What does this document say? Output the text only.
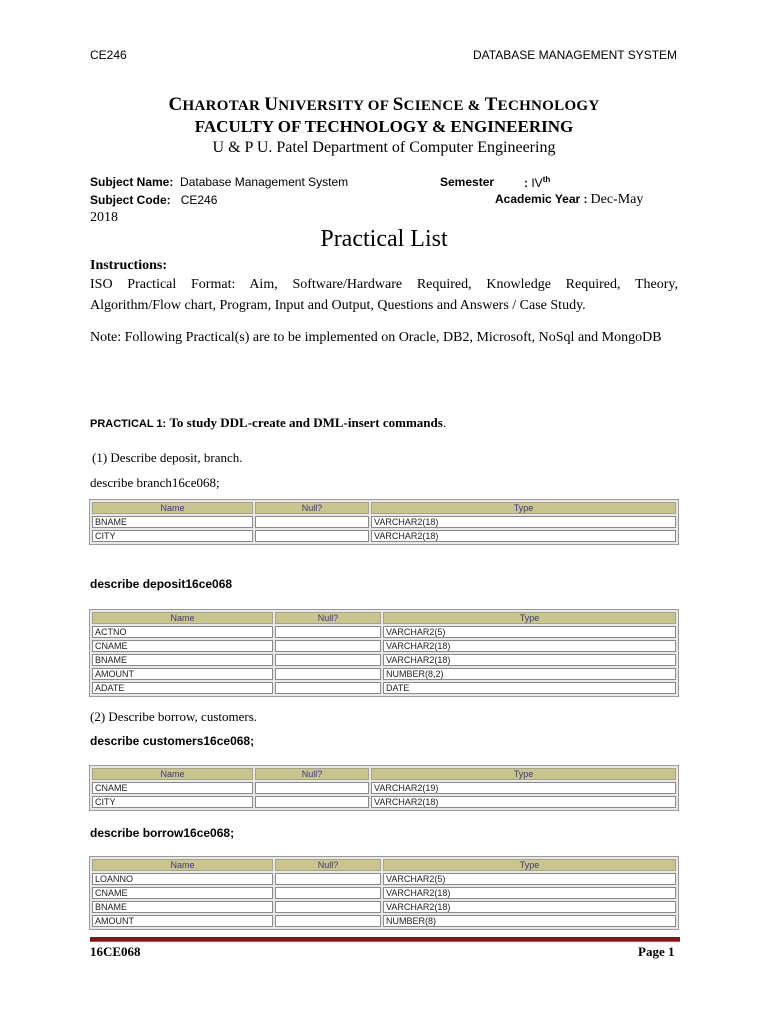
CE246	DATABASE MANAGEMENT SYSTEM
CHAROTAR UNIVERSITY OF SCIENCE & TECHNOLOGY
FACULTY OF TECHNOLOGY & ENGINEERING
U & P U. Patel Department of Computer Engineering
Subject Name: Database Management System	Semester : IVth
Subject Code: CE246	Academic Year : Dec-May
2018
Practical List
Instructions:
ISO Practical Format: Aim, Software/Hardware Required, Knowledge Required, Theory, Algorithm/Flow chart, Program, Input and Output, Questions and Answers / Case Study.
Note: Following Practical(s) are to be implemented on Oracle, DB2, Microsoft, NoSql and MongoDB
PRACTICAL 1: To study DDL-create and DML-insert commands.
(1) Describe deposit, branch.
describe branch16ce068;
Name	Null?	Type
BNAME		VARCHAR2(18)
CITY		VARCHAR2(18)
describe deposit16ce068
Name	Null?	Type
ACTNO		VARCHAR2(5)
CNAME		VARCHAR2(18)
BNAME		VARCHAR2(18)
AMOUNT		NUMBER(8,2)
ADATE		DATE
(2) Describe borrow, customers.
describe customers16ce068;
Name	Null?	Type
CNAME		VARCHAR2(19)
CITY		VARCHAR2(18)
describe borrow16ce068;
Name	Null?	Type
LOANNO		VARCHAR2(5)
CNAME		VARCHAR2(18)
BNAME		VARCHAR2(18)
AMOUNT		NUMBER(8)
16CE068	Page 1
